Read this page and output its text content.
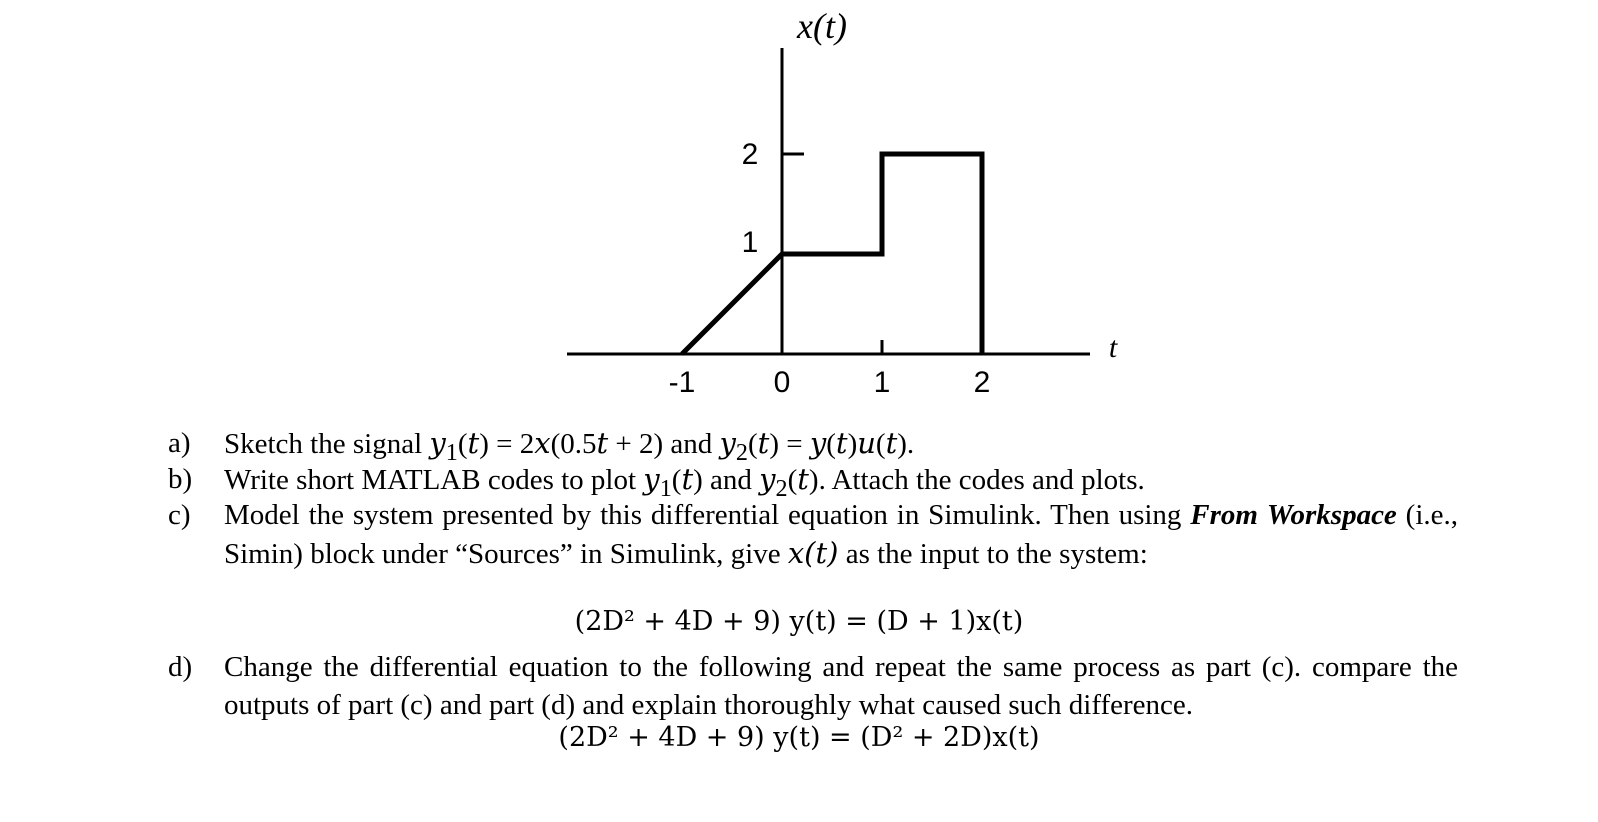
-1	0	1	2
1
2
x(t)
t
a)	Sketch the signal $y_1(t) = 2x(0.5t + 2)$ and $y_2(t) = y(t)u(t)$.
b)	Write short MATLAB codes to plot $y_1(t)$ and $y_2(t)$. Attach the codes and plots.
c)	Model the system presented by this differential equation in Simulink. Then using From Workspace (i.e., Simin) block under “Sources” in Simulink, give x(t) as the input to the system:
(2D² + 4D + 9) y(t) = (D + 1)x(t)
d)	Change the differential equation to the following and repeat the same process as part (c). compare the outputs of part (c) and part (d) and explain thoroughly what caused such difference.
(2D² + 4D + 9) y(t) = (D² + 2D)x(t)
